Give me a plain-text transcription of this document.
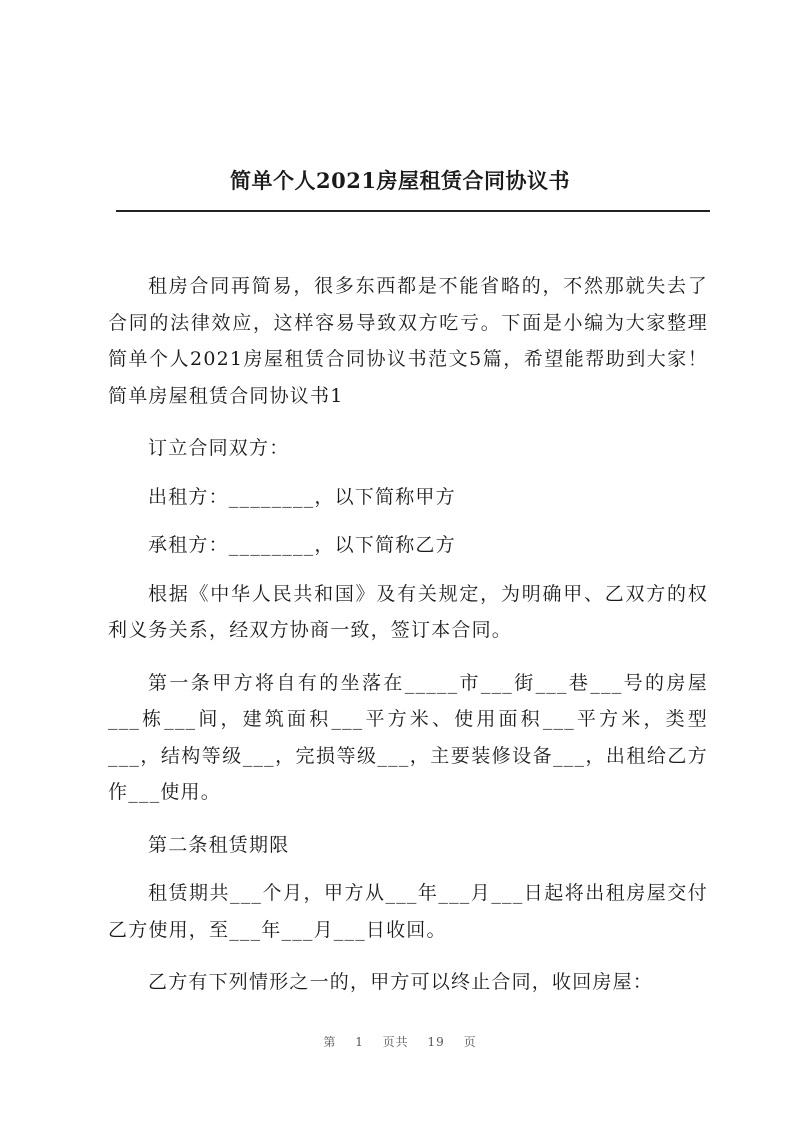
简单个人2021房屋租赁合同协议书

租房合同再简易，很多东西都是不能省略的，不然那就失去了合同的法律效应，这样容易导致双方吃亏。下面是小编为大家整理简单个人2021房屋租赁合同协议书范文5篇，希望能帮助到大家！简单房屋租赁合同协议书1

订立合同双方：

出租方：________，以下简称甲方

承租方：________，以下简称乙方

根据《中华人民共和国》及有关规定，为明确甲、乙双方的权利义务关系，经双方协商一致，签订本合同。

第一条甲方将自有的坐落在_____市___街___巷___号的房屋___栋___间，建筑面积___平方米、使用面积___平方米，类型___，结构等级___，完损等级___，主要装修设备___，出租给乙方作___使用。

第二条租赁期限

租赁期共___个月，甲方从___年___月___日起将出租房屋交付乙方使用，至___年___月___日收回。

乙方有下列情形之一的，甲方可以终止合同，收回房屋：

第 1 页共 19 页
